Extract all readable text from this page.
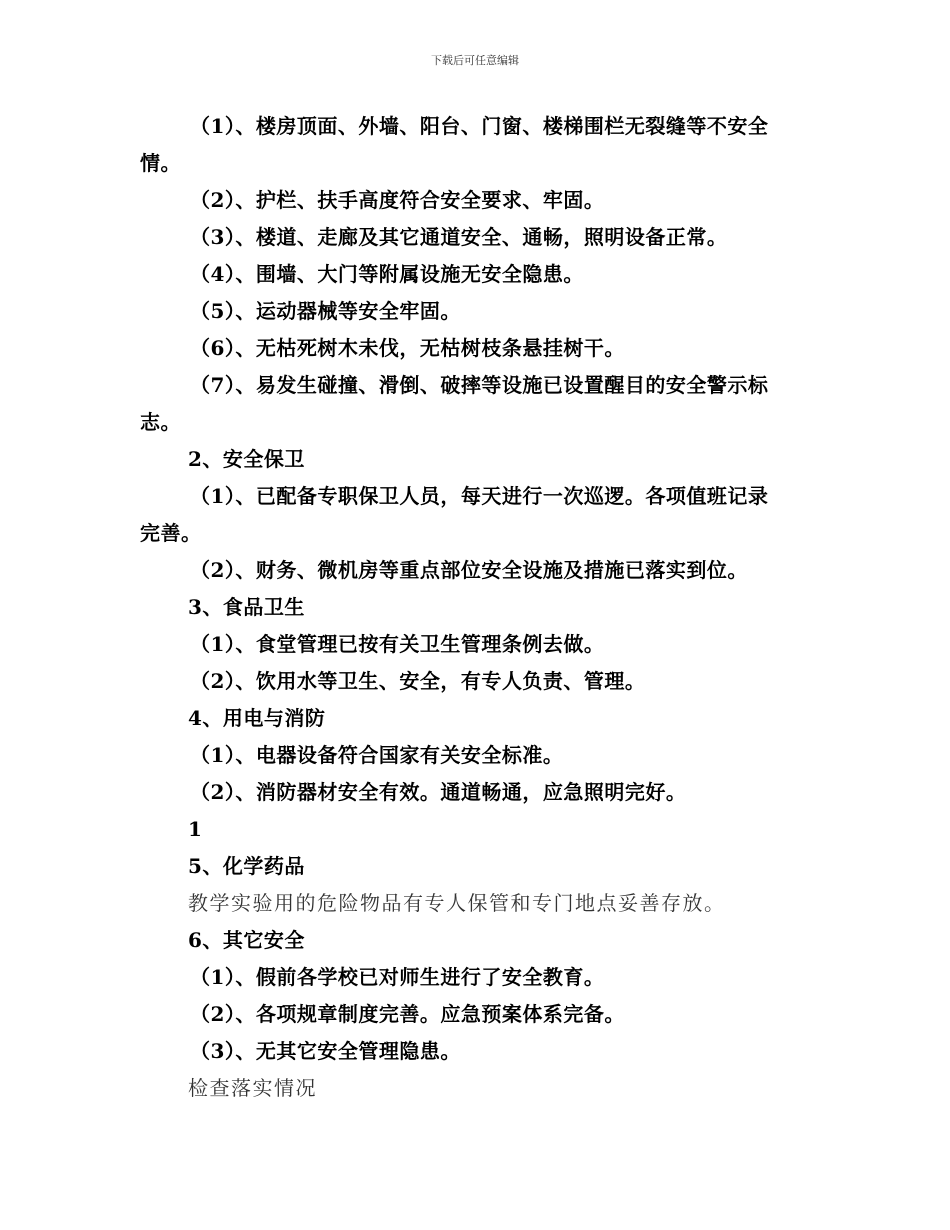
下载后可任意编辑
（1）、楼房顶面、外墙、阳台、门窗、楼梯围栏无裂缝等不安全
情。
（2）、护栏、扶手高度符合安全要求、牢固。
（3）、楼道、走廊及其它通道安全、通畅，照明设备正常。
（4）、围墙、大门等附属设施无安全隐患。
（5）、运动器械等安全牢固。
（6）、无枯死树木未伐，无枯树枝条悬挂树干。
（7）、易发生碰撞、滑倒、破摔等设施已设置醒目的安全警示标
志。
2、安全保卫
（1）、已配备专职保卫人员，每天进行一次巡逻。各项值班记录
完善。
（2）、财务、微机房等重点部位安全设施及措施已落实到位。
3、食品卫生
（1）、食堂管理已按有关卫生管理条例去做。
（2）、饮用水等卫生、安全，有专人负责、管理。
4、用电与消防
（1）、电器设备符合国家有关安全标准。
（2）、消防器材安全有效。通道畅通，应急照明完好。
1
5、化学药品
教学实验用的危险物品有专人保管和专门地点妥善存放。
6、其它安全
（1）、假前各学校已对师生进行了安全教育。
（2）、各项规章制度完善。应急预案体系完备。
（3）、无其它安全管理隐患。
检查落实情况
